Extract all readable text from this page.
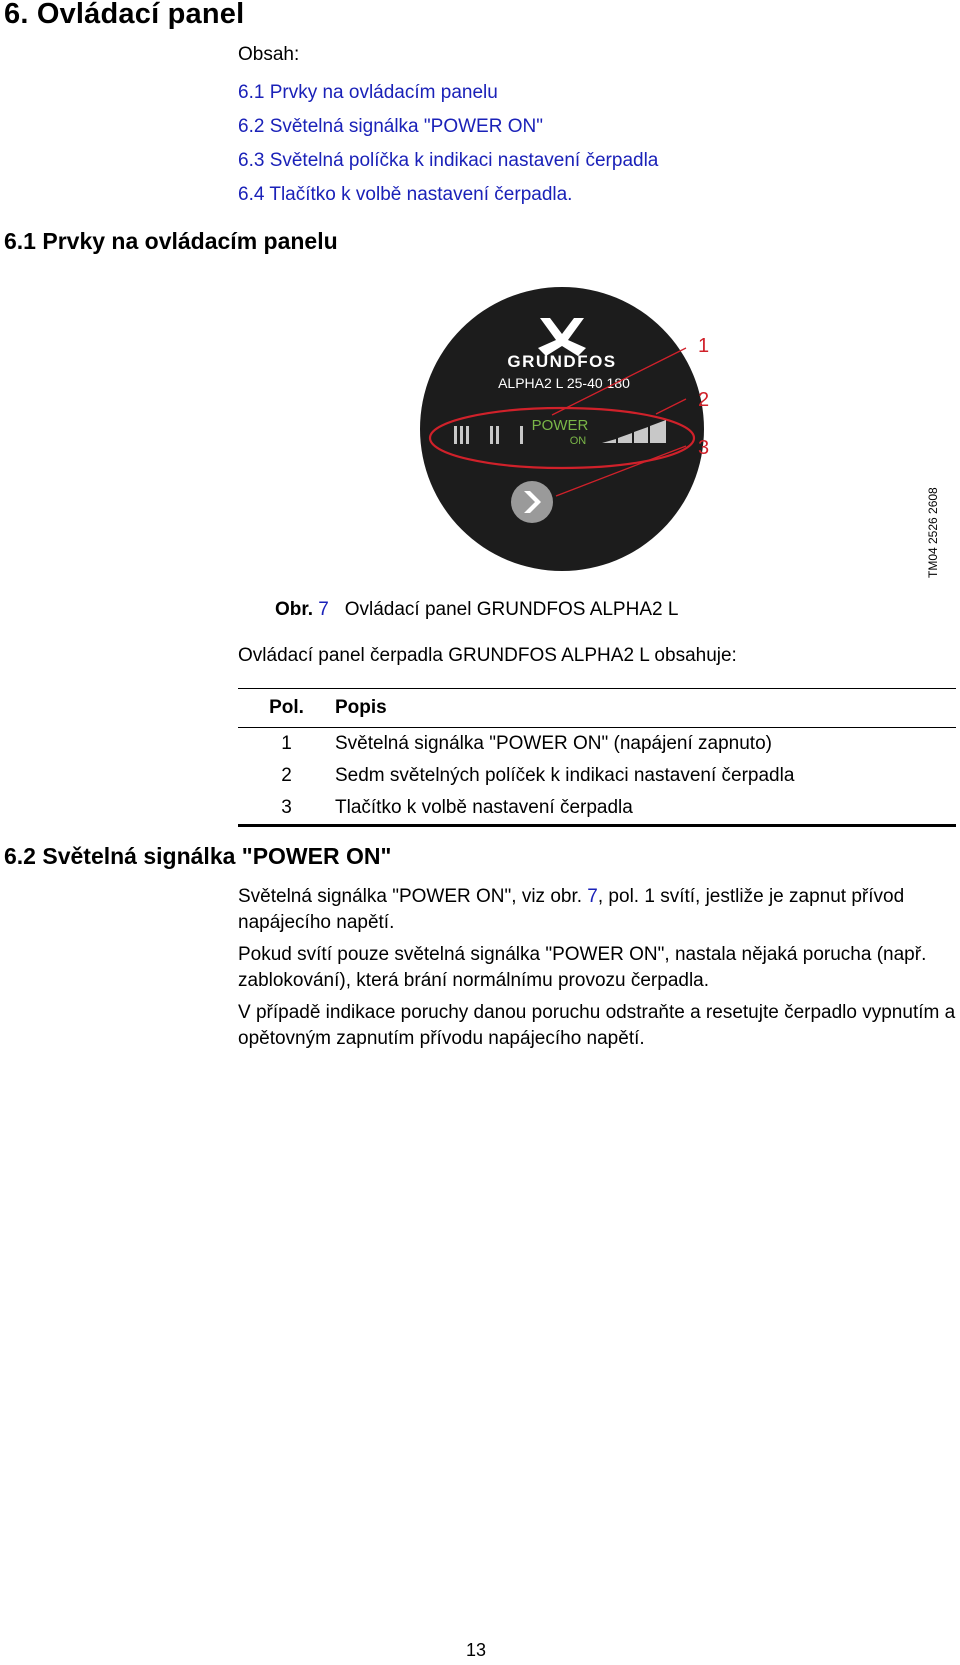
6. Ovládací panel
Obsah:
6.1 Prvky na ovládacím panelu
6.2 Světelná signálka "POWER ON"
6.3 Světelná políčka k indikaci nastavení čerpadla
6.4 Tlačítko k volbě nastavení čerpadla.
6.1 Prvky na ovládacím panelu
GRUNDFOS
ALPHA2 L 25-40 180
POWER
ON
1
2
3
TM04 2526 2608
Obr. 7 Ovládací panel GRUNDFOS ALPHA2 L
Ovládací panel čerpadla GRUNDFOS ALPHA2 L obsahuje:
Pol.	Popis
1	Světelná signálka "POWER ON" (napájení zapnuto)
2	Sedm světelných políček k indikaci nastavení čerpadla
3	Tlačítko k volbě nastavení čerpadla
6.2 Světelná signálka "POWER ON"
Světelná signálka "POWER ON", viz obr. 7, pol. 1 svítí, jestliže je zapnut přívod napájecího napětí.
Pokud svítí pouze světelná signálka "POWER ON", nastala nějaká porucha (např. zablokování), která brání normálnímu provozu čerpadla.
V případě indikace poruchy danou poruchu odstraňte a resetujte čerpadlo vypnutím a opětovným zapnutím přívodu napájecího napětí.
13
